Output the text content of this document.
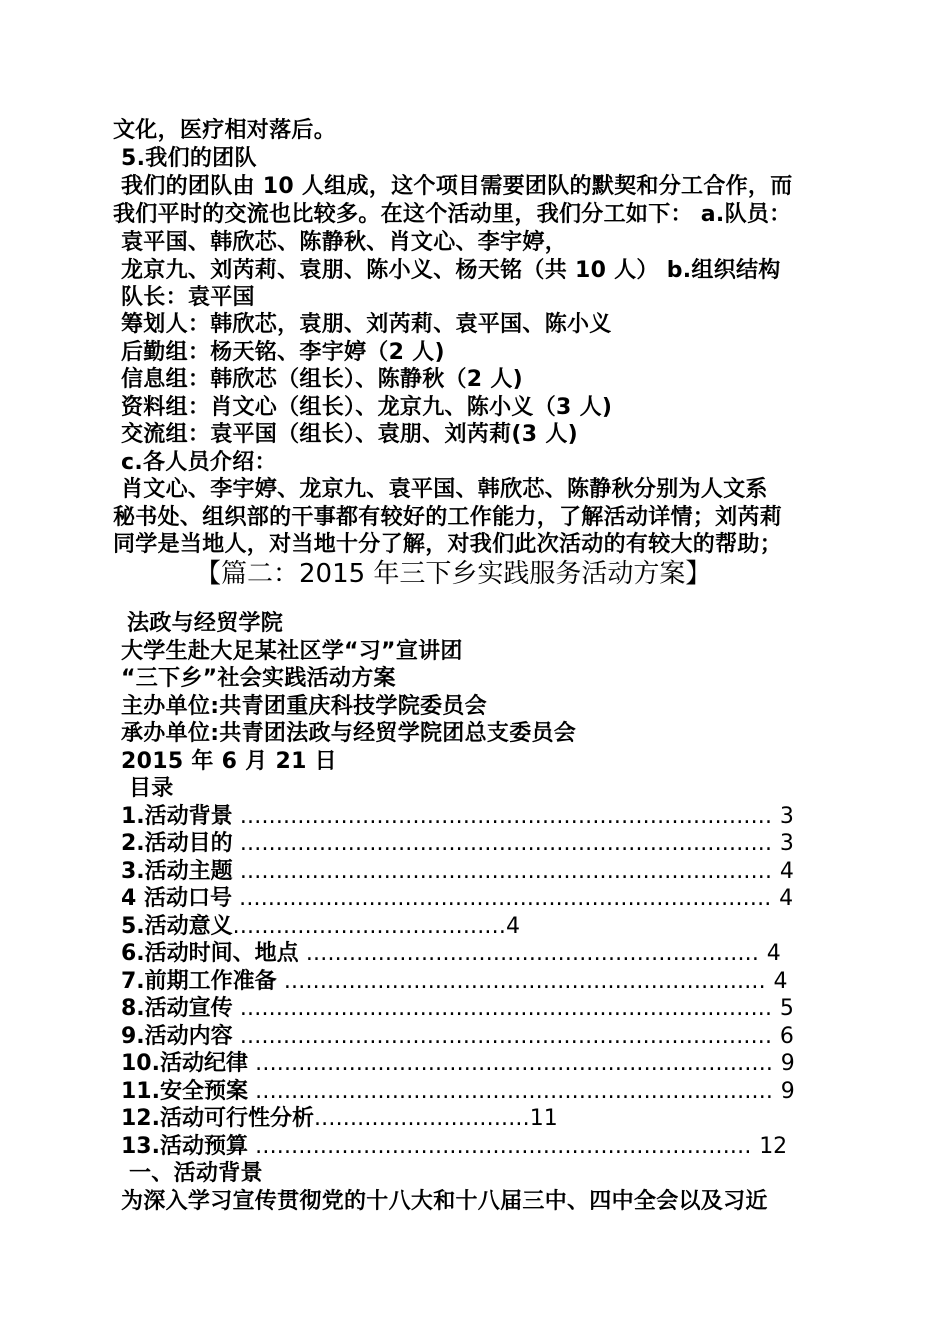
文化，医疗相对落后。
5.我们的团队
我们的团队由 10 人组成，这个项目需要团队的默契和分工合作，而
我们平时的交流也比较多。在这个活动里，我们分工如下： a.队员：
袁平国、韩欣芯、陈静秋、肖文心、李宇婷，
龙京九、刘芮莉、袁朋、陈小义、杨天铭（共 10 人） b.组织结构
队长：袁平国
筹划人：韩欣芯，袁朋、刘芮莉、袁平国、陈小义
后勤组：杨天铭、李宇婷（2 人)
信息组：韩欣芯（组长）、陈静秋（2 人)
资料组：肖文心（组长）、龙京九、陈小义（3 人)
交流组：袁平国（组长）、袁朋、刘芮莉(3 人)
c.各人员介绍：
肖文心、李宇婷、龙京九、袁平国、韩欣芯、陈静秋分别为人文系
秘书处、组织部的干事都有较好的工作能力，了解活动详情；刘芮莉
同学是当地人，对当地十分了解，对我们此次活动的有较大的帮助；
【篇二：2015 年三下乡实践服务活动方案】
法政与经贸学院
大学生赴大足某社区学“习”宣讲团
“三下乡”社会实践活动方案
主办单位:共青团重庆科技学院委员会
承办单位:共青团法政与经贸学院团总支委员会
2015 年 6 月 21 日
目录
1.活动背景 .......................................................................... 3
2.活动目的 .......................................................................... 3
3.活动主题 .......................................................................... 4
4 活动口号 .......................................................................... 4
5.活动意义......................................4
6.活动时间、地点 ............................................................... 4
7.前期工作准备 ................................................................... 4
8.活动宣传 .......................................................................... 5
9.活动内容 .......................................................................... 6
10.活动纪律 ........................................................................ 9
11.安全预案 ........................................................................ 9
12.活动可行性分析..............................11
13.活动预算 ..................................................................... 12
一、活动背景
为深入学习宣传贯彻党的十八大和十八届三中、四中全会以及习近
